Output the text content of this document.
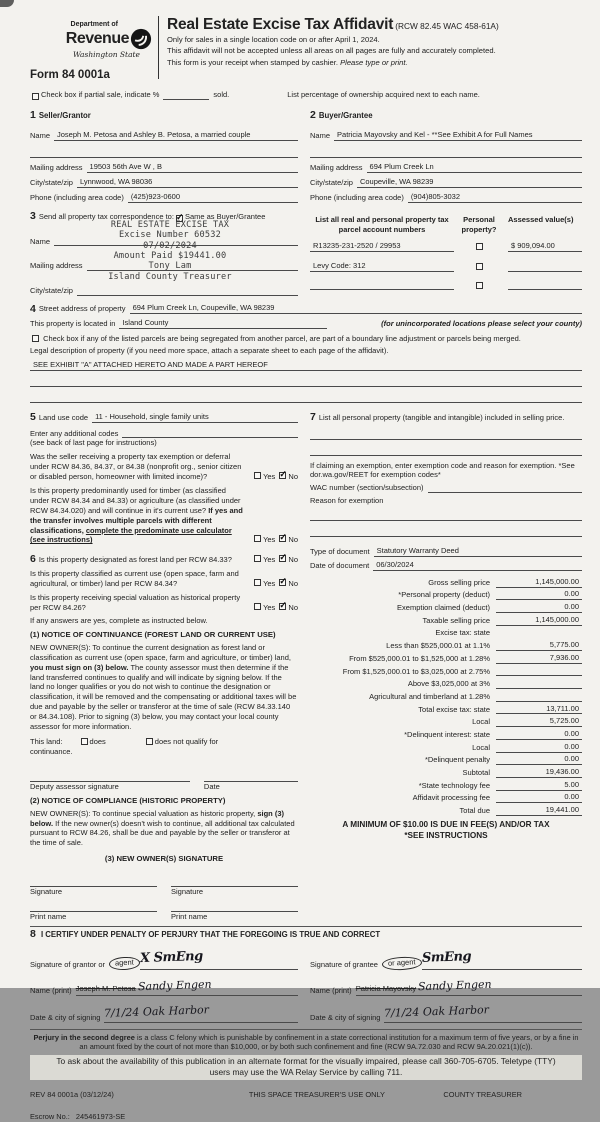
Department of
Revenue
Washington State
Form 84 0001a
Real Estate Excise Tax Affidavit (RCW 82.45 WAC 458-61A)
Only for sales in a single location code on or after April 1, 2024.
This affidavit will not be accepted unless all areas on all pages are fully and accurately completed.
This form is your receipt when stamped by cashier. Please type or print.
Check box if partial sale, indicate %	sold.	List percentage of ownership acquired next to each name.
1 Seller/Grantor
Name Joseph M. Petosa and Ashley B. Petosa, a married couple
Mailing address 19503 56th Ave W , B
City/state/zip Lynnwood, WA 98036
Phone (including area code) (425)923-0600
2 Buyer/Grantee
Name Patricia Mayovsky and Kel - **See Exhibit A for Full Names
Mailing address 694 Plum Creek Ln
City/state/zip Coupeville, WA 98239
Phone (including area code) (904)805-3032
3 Send all property tax correspondence to: ✓ Same as Buyer/Grantee
Name
Mailing address
City/state/zip
REAL ESTATE EXCISE TAX
Excise Number 60532
07/02/2024
Amount Paid $19441.00
Tony Lam
Island County Treasurer
List all real and personal property tax parcel account numbers
Personal property?
Assessed value(s)
R13235-231-2520 / 29953	$ 909,094.00
Levy Code: 312
4 Street address of property 694 Plum Creek Ln, Coupeville, WA 98239
This property is located in Island County	(for unincorporated locations please select your county)
Check box if any of the listed parcels are being segregated from another parcel, are part of a boundary line adjustment or parcels being merged.
Legal description of property (if you need more space, attach a separate sheet to each page of the affidavit).
SEE EXHIBIT "A" ATTACHED HERETO AND MADE A PART HEREOF
5 Land use code 11 - Household, single family units
Enter any additional codes
(see back of last page for instructions)
Was the seller receiving a property tax exemption or deferral under RCW 84.36, 84.37, or 84.38 (nonprofit org., senior citizen or disabled person, homeowner with limited income)?	Yes ✓ No
Is this property predominantly used for timber (as classified under RCW 84.34 and 84.33) or agriculture (as classified under RCW 84.34.020) and will continue in it's current use? If yes and the transfer involves multiple parcels with different classifications, complete the predominate use calculator (see instructions)	Yes ✓ No
6 Is this property designated as forest land per RCW 84.33?	Yes ✓ No
Is this property classified as current use (open space, farm and agricultural, or timber) land per RCW 84.34?	Yes ✓ No
Is this property receiving special valuation as historical property per RCW 84.26?	Yes ✓ No
If any answers are yes, complete as instructed below.
(1) NOTICE OF CONTINUANCE (FOREST LAND OR CURRENT USE)
NEW OWNER(S): To continue the current designation as forest land or classification as current use (open space, farm and agriculture, or timber) land, you must sign on (3) below. The county assessor must then determine if the land transferred continues to qualify and will indicate by signing below. If the land no longer qualifies or you do not wish to continue the designation or classification, it will be removed and the compensating or additional taxes will be due and payable by the seller or transferor at the time of sale (RCW 84.33.140 or 84.34.108). Prior to signing (3) below, you may contact your local county assessor for more information.
This land:	does	does not qualify for
continuance.
Deputy assessor signature	Date
(2) NOTICE OF COMPLIANCE (HISTORIC PROPERTY)
NEW OWNER(S): To continue special valuation as historic property, sign (3) below. If the new owner(s) doesn't wish to continue, all additional tax calculated pursuant to RCW 84.26, shall be due and payable by the seller or transferor at the time of sale.
(3) NEW OWNER(S) SIGNATURE
Signature	Signature
Print name	Print name
7 List all personal property (tangible and intangible) included in selling price.
If claiming an exemption, enter exemption code and reason for exemption. *See dor.wa.gov/REET for exemption codes*
WAC number (section/subsection)
Reason for exemption
Type of document Statutory Warranty Deed
Date of document 06/30/2024
Gross selling price	1,145,000.00
*Personal property (deduct)	0.00
Exemption claimed (deduct)	0.00
Taxable selling price	1,145,000.00
Excise tax: state
Less than $525,000.01 at 1.1%	5,775.00
From $525,000.01 to $1,525,000 at 1.28%	7,936.00
From $1,525,000.01 to $3,025,000 at 2.75%
Above $3,025,000 at 3%
Agricultural and timberland at 1.28%
Total excise tax: state	13,711.00
Local	5,725.00
*Delinquent interest: state	0.00
Local	0.00
*Delinquent penalty	0.00
Subtotal	19,436.00
*State technology fee	5.00
Affidavit processing fee	0.00
Total due	19,441.00
A MINIMUM OF $10.00 IS DUE IN FEE(S) AND/OR TAX
*SEE INSTRUCTIONS
8 I CERTIFY UNDER PENALTY OF PERJURY THAT THE FOREGOING IS TRUE AND CORRECT
Signature of grantor or	agent X SmEng
Name (print) Joseph M. Petosa Sandy Engen
Date & city of signing 7/1/24 Oak Harbor
Signature of grantee	or agent SmEng
Name (print) Patricia Mayovsky Sandy Engen
Date & city of signing 7/1/24 Oak Harbor
Perjury in the second degree is a class C felony which is punishable by confinement in a state correctional institution for a maximum term of five years, or by a fine in an amount fixed by the court of not more than $10,000, or by both such confinement and fine (RCW 9A.72.030 and RCW 9A.20.021(1)(c)).
To ask about the availability of this publication in an alternate format for the visually impaired, please call 360-705-6705. Teletype (TTY) users may use the WA Relay Service by calling 711.
REV 84 0001a (03/12/24)	THIS SPACE TREASURER'S USE ONLY	COUNTY TREASURER
Escrow No.: 245461973-SE
